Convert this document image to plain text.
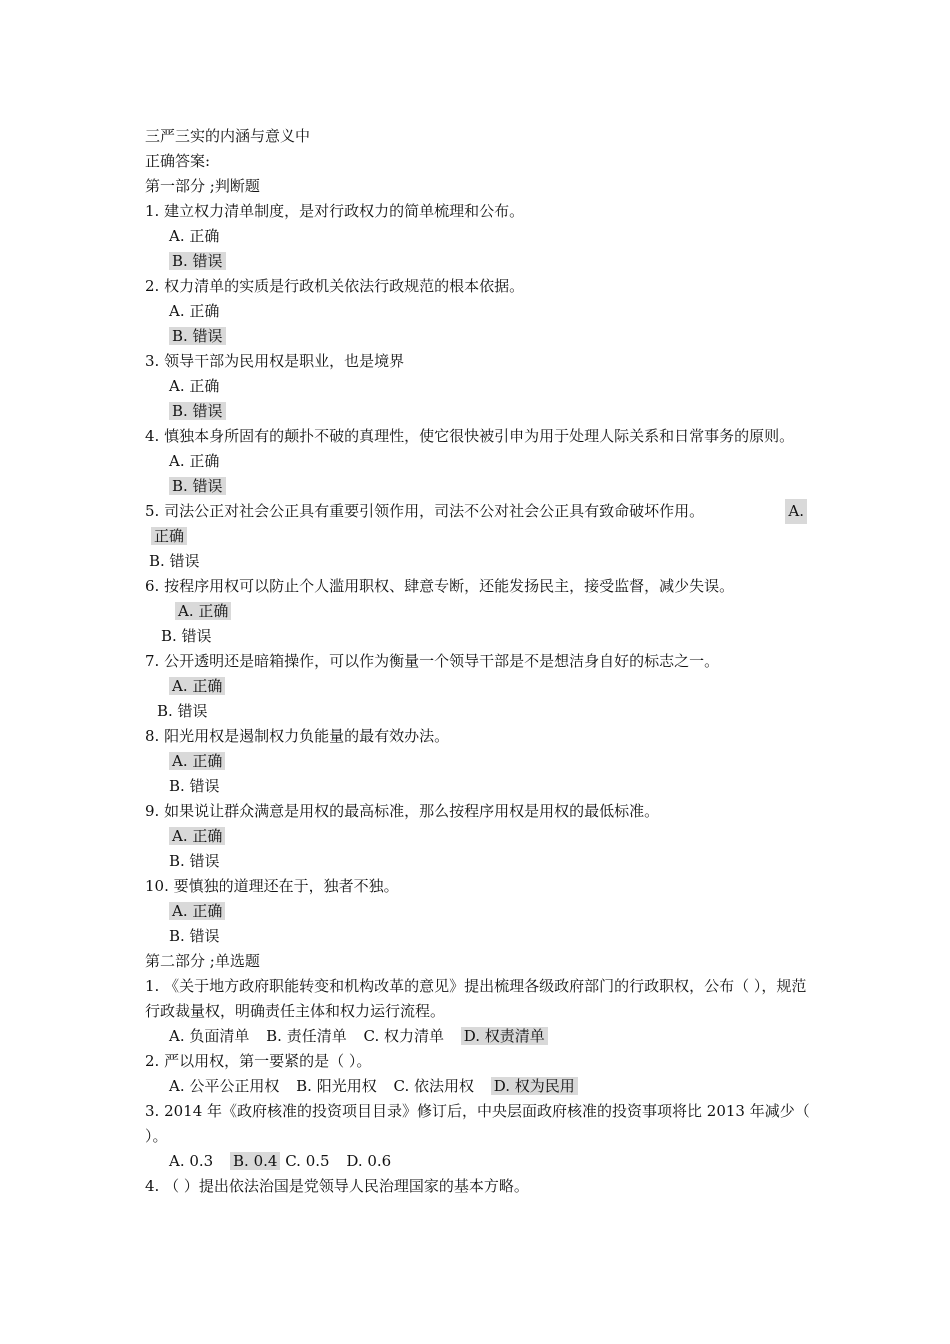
三严三实的内涵与意义中
正确答案:
第一部分 ;判断题
1. 建立权力清单制度，是对行政权力的简单梳理和公布。
A. 正确
B. 错误
2. 权力清单的实质是行政机关依法行政规范的根本依据。
A. 正确
B. 错误
3. 领导干部为民用权是职业，也是境界
A. 正确
B. 错误
4. 慎独本身所固有的颠扑不破的真理性，使它很快被引申为用于处理人际关系和日常事务的原则。
A. 正确
B. 错误
5. 司法公正对社会公正具有重要引领作用，司法不公对社会公正具有致命破坏作用。	A.
正确
B. 错误
6. 按程序用权可以防止个人滥用职权、肆意专断，还能发扬民主，接受监督，减少失误。
A. 正确
B. 错误
7. 公开透明还是暗箱操作，可以作为衡量一个领导干部是不是想洁身自好的标志之一。
A. 正确
B. 错误
8. 阳光用权是遏制权力负能量的最有效办法。
A. 正确
B. 错误
9. 如果说让群众满意是用权的最高标准，那么按程序用权是用权的最低标准。
A. 正确
B. 错误
10. 要慎独的道理还在于，独者不独。
A. 正确
B. 错误
第二部分 ;单选题
1. 《关于地方政府职能转变和机构改革的意见》提出梳理各级政府部门的行政职权，公布（ ），规范行政裁量权，明确责任主体和权力运行流程。
A. 负面清单 B. 责任清单 C. 权力清单 D. 权责清单
2. 严以用权，第一要紧的是（ ）。
A. 公平公正用权 B. 阳光用权 C. 依法用权 D. 权为民用
3. 2014 年《政府核准的投资项目目录》修订后，中央层面政府核准的投资事项将比 2013 年减少（ ）。
A. 0.3 B. 0.4 C. 0.5 D. 0.6
4. （ ）提出依法治国是党领导人民治理国家的基本方略。
